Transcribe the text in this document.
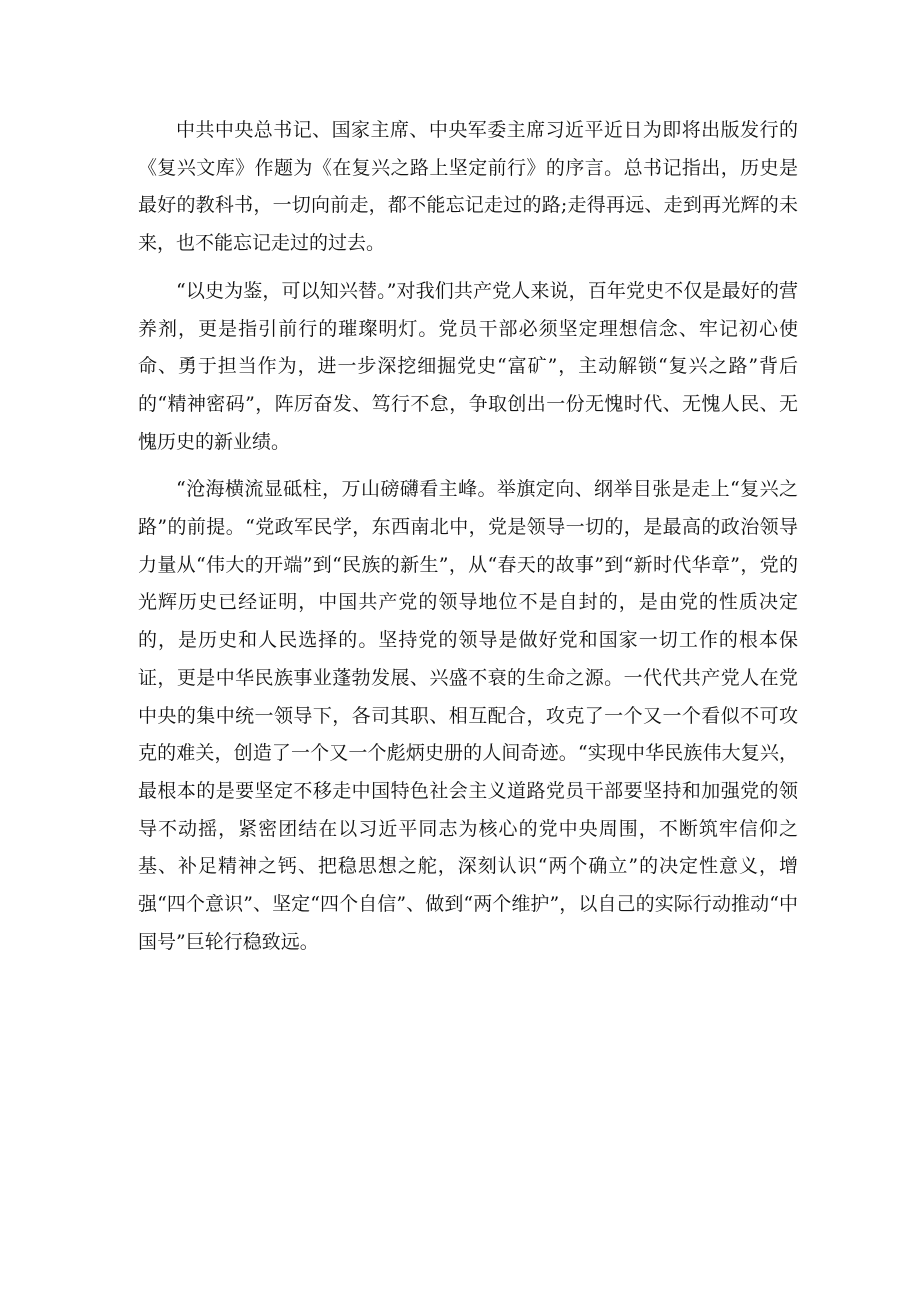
中共中央总书记、国家主席、中央军委主席习近平近日为即将出版发行的《复兴文库》作题为《在复兴之路上坚定前行》的序言。总书记指出，历史是最好的教科书，一切向前走，都不能忘记走过的路;走得再远、走到再光辉的未来，也不能忘记走过的过去。

“以史为鉴，可以知兴替。”对我们共产党人来说，百年党史不仅是最好的营养剂，更是指引前行的璀璨明灯。党员干部必须坚定理想信念、牢记初心使命、勇于担当作为，进一步深挖细掘党史“富矿”，主动解锁“复兴之路”背后的“精神密码”，阵厉奋发、笃行不怠，争取创出一份无愧时代、无愧人民、无愧历史的新业绩。

“沧海横流显砥柱，万山磅礴看主峰。举旗定向、纲举目张是走上“复兴之路”的前提。“党政军民学，东西南北中，党是领导一切的，是最高的政治领导力量从“伟大的开端”到“民族的新生”，从“春天的故事”到“新时代华章”，党的光辉历史已经证明，中国共产党的领导地位不是自封的，是由党的性质决定的，是历史和人民选择的。坚持党的领导是做好党和国家一切工作的根本保证，更是中华民族事业蓬勃发展、兴盛不衰的生命之源。一代代共产党人在党中央的集中统一领导下，各司其职、相互配合，攻克了一个又一个看似不可攻克的难关，创造了一个又一个彪炳史册的人间奇迹。“实现中华民族伟大复兴，最根本的是要坚定不移走中国特色社会主义道路党员干部要坚持和加强党的领导不动摇，紧密团结在以习近平同志为核心的党中央周围，不断筑牢信仰之基、补足精神之钙、把稳思想之舵，深刻认识“两个确立”的决定性意义，增强“四个意识”、坚定“四个自信”、做到“两个维护”，以自己的实际行动推动“中国号”巨轮行稳致远。
